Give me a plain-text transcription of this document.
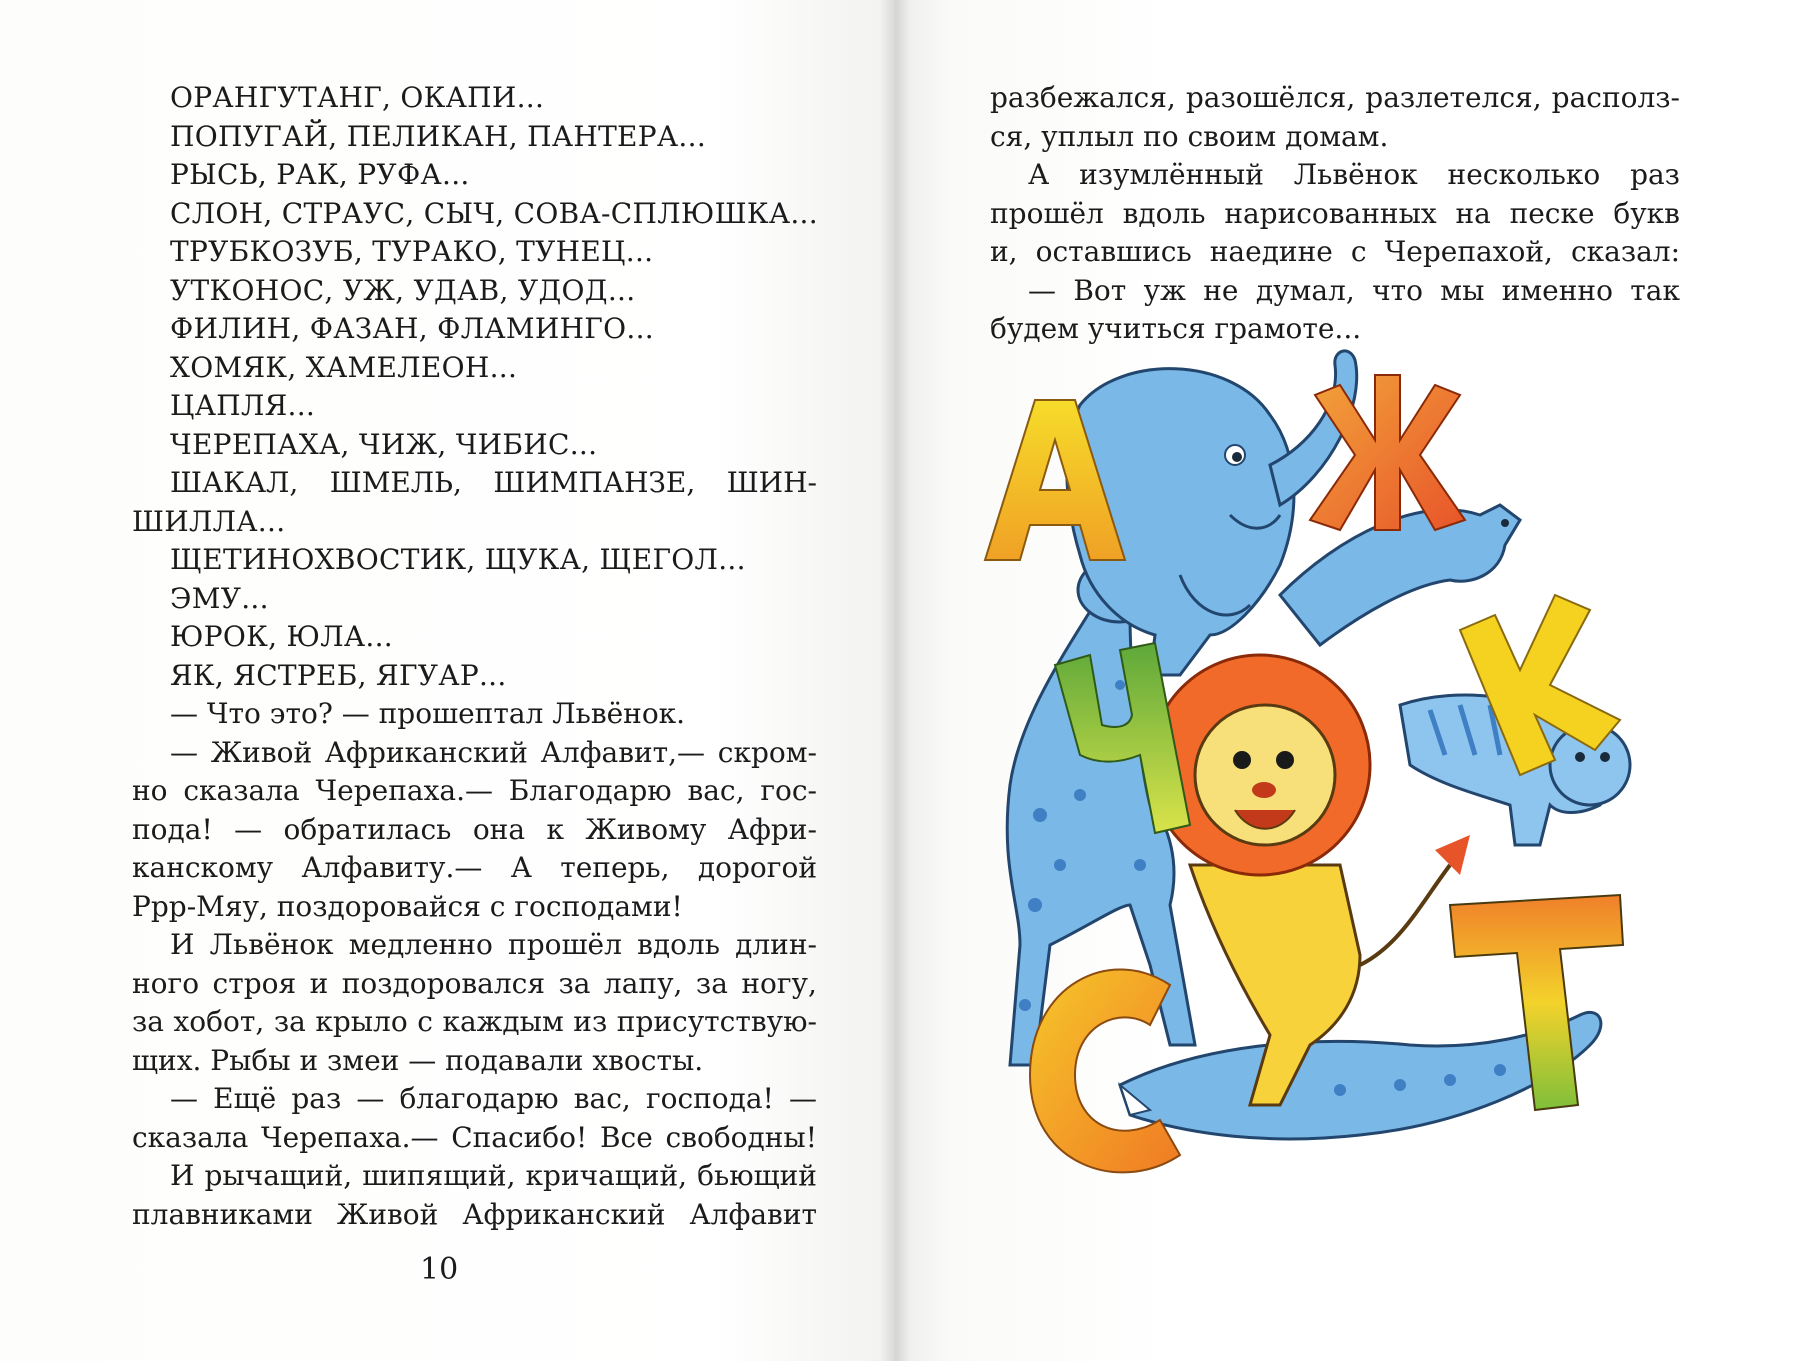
ОРАНГУТАНГ, ОКАПИ...
ПОПУГАЙ, ПЕЛИКАН, ПАНТЕРА...
РЫСЬ, РАК, РУФА...
СЛОН, СТРАУС, СЫЧ, СОВА-СПЛЮШКА...
ТРУБКОЗУБ, ТУРАКО, ТУНЕЦ...
УТКОНОС, УЖ, УДАВ, УДОД...
ФИЛИН, ФАЗАН, ФЛАМИНГО...
ХОМЯК, ХАМЕЛЕОН...
ЦАПЛЯ...
ЧЕРЕПАХА, ЧИЖ, ЧИБИС...
ШАКАЛ, ШМЕЛЬ, ШИМПАНЗЕ, ШИН-
ШИЛЛА...
ЩЕТИНОХВОСТИК, ЩУКА, ЩЕГОЛ...
ЭМУ...
ЮРОК, ЮЛА...
ЯК, ЯСТРЕБ, ЯГУАР...
— Что это? — прошептал Львёнок.
— Живой Африканский Алфавит,— скром-
но сказала Черепаха.— Благодарю вас, гос-
пода! — обратилась она к Живому Афри-
канскому Алфавиту.— А теперь, дорогой
Ррр-Мяу, поздоровайся с господами!
И Львёнок медленно прошёл вдоль длин-
ного строя и поздоровался за лапу, за ногу,
за хобот, за крыло с каждым из присутствую-
щих. Рыбы и змеи — подавали хвосты.
— Ещё раз — благодарю вас, господа! —
сказала Черепаха.— Спасибо! Все свободны!
И рычащий, шипящий, кричащий, бьющий
плавниками Живой Африканский Алфавит
10
разбежался, разошёлся, разлетелся, располз-
ся, уплыл по своим домам.
А изумлённый Львёнок несколько раз
прошёл вдоль нарисованных на песке букв
и, оставшись наедине с Черепахой, сказал:
— Вот уж не думал, что мы именно так
будем учиться грамоте...
